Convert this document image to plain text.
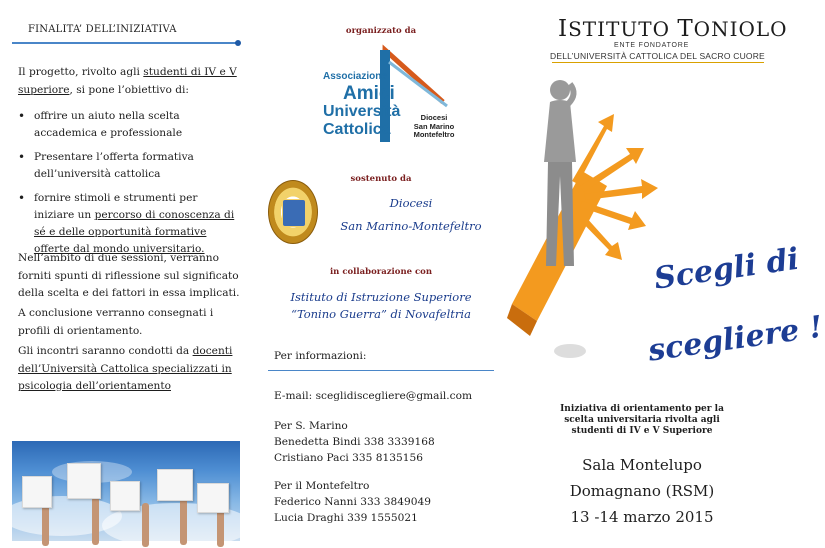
FINALITA’ DELL’INIZIATIVA
Il progetto, rivolto agli studenti di IV e V superiore, si pone l’obiettivo di:
• offrire un aiuto nella scelta accademica e professionale
• Presentare l’offerta formativa dell’università cattolica
• fornire stimoli e strumenti per iniziare un percorso di conoscenza di sé e delle opportunità formative offerte dal mondo universitario.
Nell’ambito di due sessioni, verranno forniti spunti di riflessione sul significato della scelta e dei fattori in essa implicati.
A conclusione verranno consegnati i profili di orientamento.
Gli incontri saranno condotti da docenti dell’Università Cattolica specializzati in psicologia dell’orientamento
organizzato da
Associazione
Amici
Università
Cattolica
Diocesi
San Marino
Montefeltro
sostenuto da
Diocesi
San Marino-Montefeltro
in collaborazione con
Istituto di Istruzione Superiore
“Tonino Guerra” di Novafeltria
Per informazioni:
E-mail: sceglidiscegliere@gmail.com
Per S. Marino
Benedetta Bindi 338 3339168
Cristiano Paci 335 8135156
Per il Montefeltro
Federico Nanni 333 3849049
Lucia Draghi 339 1555021
ISTITUTO TONIOLO
ENTE FONDATORE
DELL’UNIVERSITÀ CATTOLICA DEL SACRO CUORE
Scegli di
scegliere !
Iniziativa di orientamento per la scelta universitaria rivolta agli studenti di IV e V Superiore
Sala Montelupo
Domagnano (RSM)
13 -14 marzo 2015
